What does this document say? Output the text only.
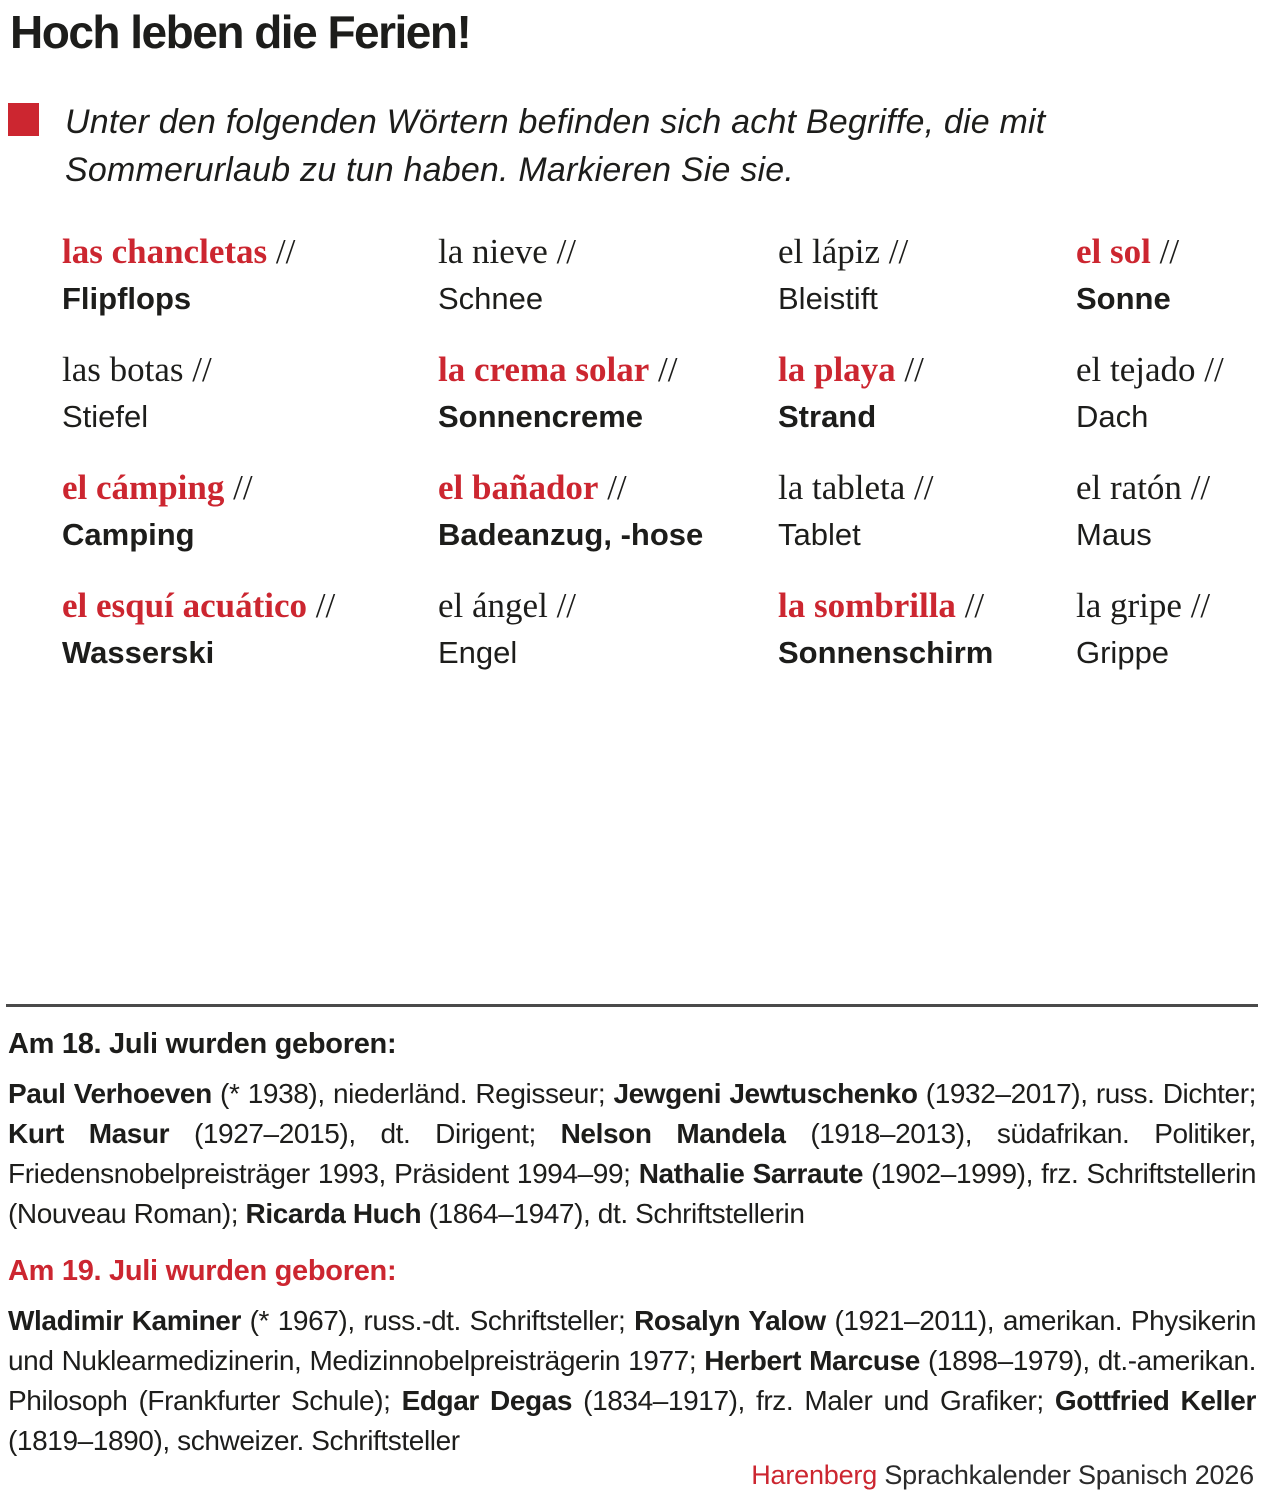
Hoch leben die Ferien!

Unter den folgenden Wörtern befinden sich acht Begriffe, die mit Sommerurlaub zu tun haben. Markieren Sie sie.

las chancletas //
Flipflops
la nieve //
Schnee
el lápiz //
Bleistift
el sol //
Sonne
las botas //
Stiefel
la crema solar //
Sonnencreme
la playa //
Strand
el tejado //
Dach
el cámping //
Camping
el bañador //
Badeanzug, -hose
la tableta //
Tablet
el ratón //
Maus
el esquí acuático //
Wasserski
el ángel //
Engel
la sombrilla //
Sonnenschirm
la gripe //
Grippe
Am 18. Juli wurden geboren:

Paul Verhoeven (* 1938), niederländ. Regisseur; Jewgeni Jewtuschenko (1932–2017), russ. Dichter; Kurt Masur (1927–2015), dt. Dirigent; Nelson Mandela (1918–2013), südafrikan. Politiker, Friedensnobelpreisträger 1993, Präsident 1994–99; Nathalie Sarraute (1902–1999), frz. Schriftstellerin (Nouveau Roman); Ricarda Huch (1864–1947), dt. Schriftstellerin

Am 19. Juli wurden geboren:

Wladimir Kaminer (* 1967), russ.-dt. Schriftsteller; Rosalyn Yalow (1921–2011), amerikan. Physikerin und Nuklearmedizinerin, Medizinnobelpreisträgerin 1977; Herbert Marcuse (1898–1979), dt.-amerikan. Philosoph (Frankfurter Schule); Edgar Degas (1834–1917), frz. Maler und Grafiker; Gottfried Keller (1819–1890), schweizer. Schriftsteller

Harenberg Sprachkalender Spanisch 2026
